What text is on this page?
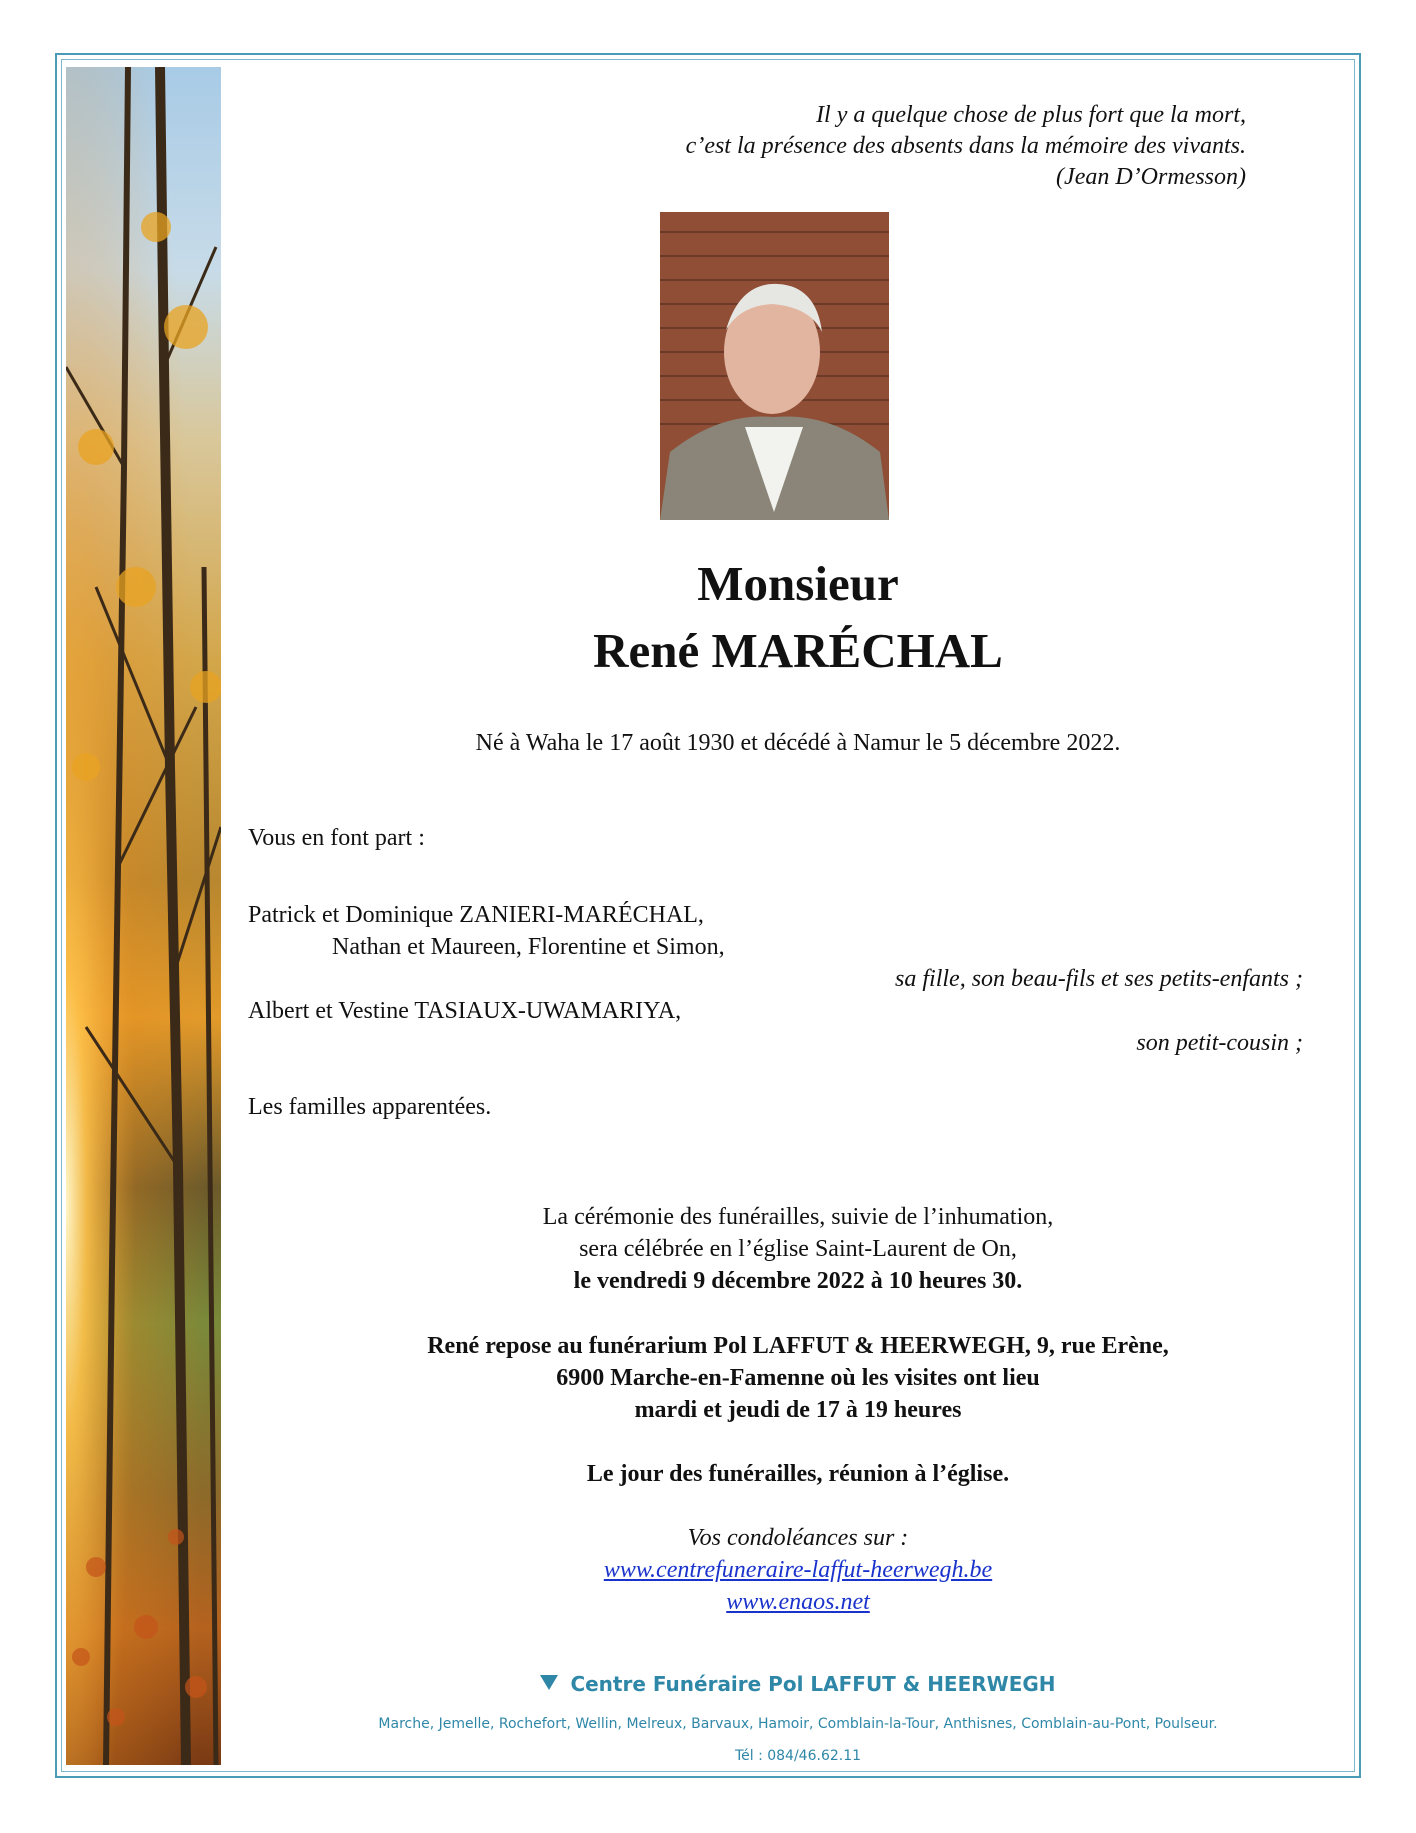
Il y a quelque chose de plus fort que la mort,
c’est la présence des absents dans la mémoire des vivants.
(Jean D’Ormesson)
Monsieur
René MARÉCHAL
Né à Waha le 17 août 1930 et décédé à Namur le 5 décembre 2022.
Vous en font part :
Patrick et Dominique ZANIERI-MARÉCHAL,
Nathan et Maureen, Florentine et Simon,
sa fille, son beau-fils et ses petits-enfants ;
Albert et Vestine TASIAUX-UWAMARIYA,
son petit-cousin ;
Les familles apparentées.
La cérémonie des funérailles, suivie de l’inhumation,
sera célébrée en l’église Saint-Laurent de On,
le vendredi 9 décembre 2022 à 10 heures 30.
René repose au funérarium Pol LAFFUT & HEERWEGH, 9, rue Erène,
6900 Marche-en-Famenne où les visites ont lieu
mardi et jeudi de 17 à 19 heures
Le jour des funérailles, réunion à l’église.
Vos condoléances sur :
www.centrefuneraire-laffut-heerwegh.be
www.enaos.net
Centre Funéraire Pol LAFFUT & HEERWEGH
Marche, Jemelle, Rochefort, Wellin, Melreux, Barvaux, Hamoir, Comblain-la-Tour, Anthisnes, Comblain-au-Pont, Poulseur.
Tél : 084/46.62.11
